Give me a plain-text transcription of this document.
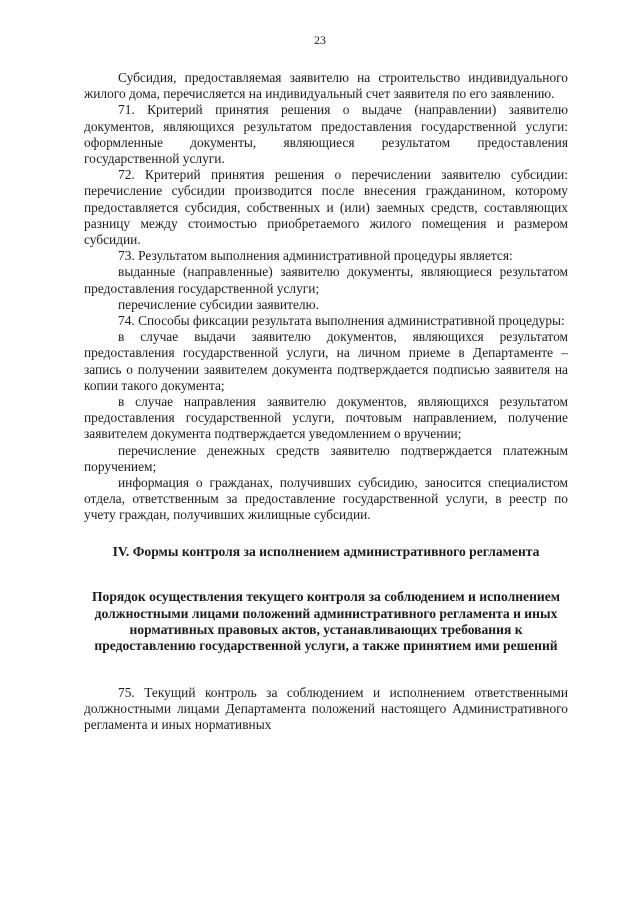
23

Субсидия, предоставляемая заявителю на строительство индивидуального жилого дома, перечисляется на индивидуальный счет заявителя по его заявлению.

71. Критерий принятия решения о выдаче (направлении) заявителю документов, являющихся результатом предоставления государственной услуги: оформленные документы, являющиеся результатом предоставления государственной услуги.

72. Критерий принятия решения о перечислении заявителю субсидии: перечисление субсидии производится после внесения гражданином, которому предоставляется субсидия, собственных и (или) заемных средств, составляющих разницу между стоимостью приобретаемого жилого помещения и размером субсидии.

73. Результатом выполнения административной процедуры является:

выданные (направленные) заявителю документы, являющиеся результатом предоставления государственной услуги;

перечисление субсидии заявителю.

74. Способы фиксации результата выполнения административной процедуры:

в случае выдачи заявителю документов, являющихся результатом предоставления государственной услуги, на личном приеме в Департаменте – запись о получении заявителем документа подтверждается подписью заявителя на копии такого документа;

в случае направления заявителю документов, являющихся результатом предоставления государственной услуги, почтовым направлением, получение заявителем документа подтверждается уведомлением о вручении;

перечисление денежных средств заявителю подтверждается платежным поручением;

информация о гражданах, получивших субсидию, заносится специалистом отдела, ответственным за предоставление государственной услуги, в реестр по учету граждан, получивших жилищные субсидии.

IV. Формы контроля за исполнением административного регламента
Порядок осуществления текущего контроля за соблюдением и исполнением должностными лицами положений административного регламента и иных нормативных правовых актов, устанавливающих требования к предоставлению государственной услуги, а также принятием ими решений

75. Текущий контроль за соблюдением и исполнением ответственными должностными лицами Департамента положений настоящего Административного регламента и иных нормативных
